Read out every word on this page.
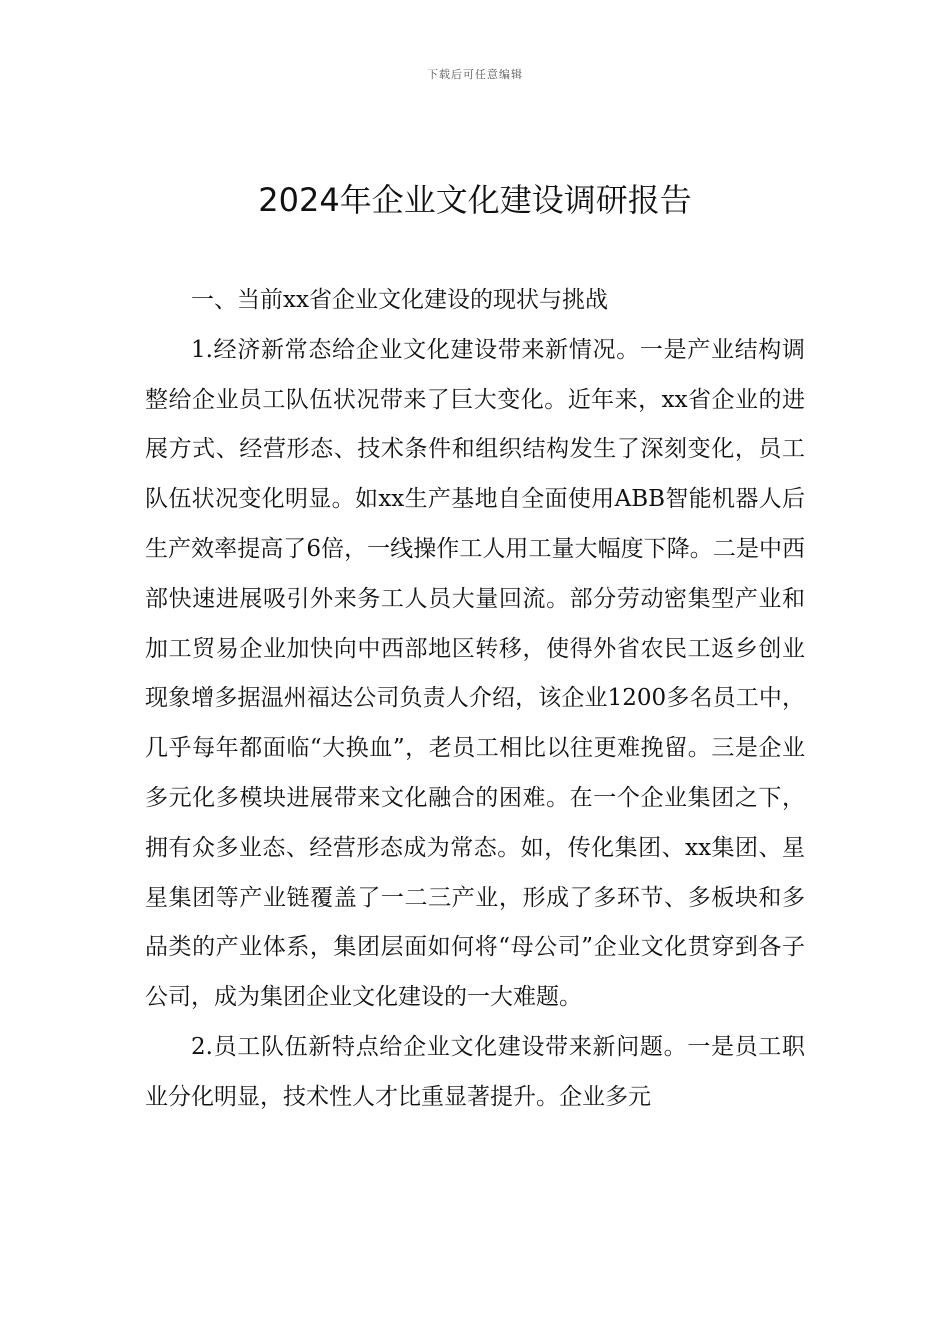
下载后可任意编辑
2024年企业文化建设调研报告

一、当前xx省企业文化建设的现状与挑战

1.经济新常态给企业文化建设带来新情况。一是产业结构调整给企业员工队伍状况带来了巨大变化。近年来，xx省企业的进展方式、经营形态、技术条件和组织结构发生了深刻变化，员工队伍状况变化明显。如xx生产基地自全面使用ABB智能机器人后生产效率提高了6倍，一线操作工人用工量大幅度下降。二是中西部快速进展吸引外来务工人员大量回流。部分劳动密集型产业和加工贸易企业加快向中西部地区转移，使得外省农民工返乡创业现象增多据温州福达公司负责人介绍，该企业1200多名员工中，几乎每年都面临“大换血”，老员工相比以往更难挽留。三是企业多元化多模块进展带来文化融合的困难。在一个企业集团之下，拥有众多业态、经营形态成为常态。如，传化集团、xx集团、星星集团等产业链覆盖了一二三产业，形成了多环节、多板块和多品类的产业体系，集团层面如何将“母公司”企业文化贯穿到各子公司，成为集团企业文化建设的一大难题。

2.员工队伍新特点给企业文化建设带来新问题。一是员工职业分化明显，技术性人才比重显著提升。企业多元
